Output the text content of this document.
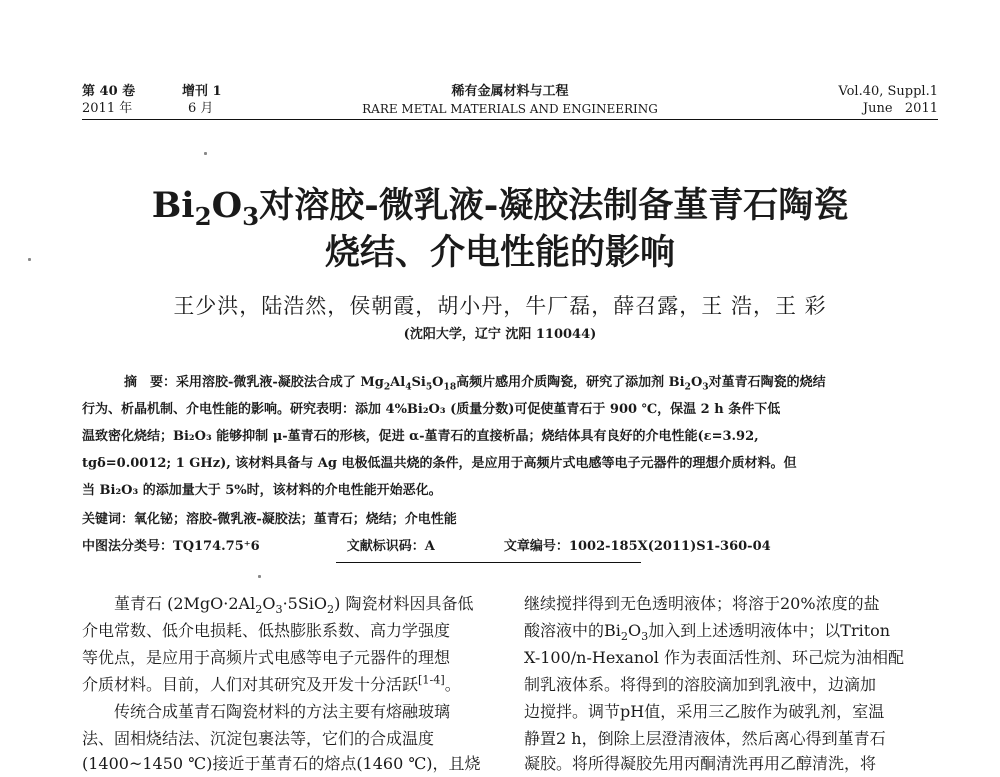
第 40 卷	增刊 1
2011 年	6 月
稀有金属材料与工程
RARE METAL MATERIALS AND ENGINEERING
Vol.40, Suppl.1
June   2011
$Bi_2O_3$对溶胶-微乳液-凝胶法制备堇青石陶瓷
烧结、介电性能的影响
王少洪，陆浩然，侯朝霞，胡小丹，牛厂磊，薛召露，王 浩，王 彩
(沈阳大学，辽宁 沈阳 110044)
摘　要：采用溶胶-微乳液-凝胶法合成了 $Mg_2Al_4Si_5O_{18}$高频片感用介质陶瓷，研究了添加剂 $Bi_2O_3$对堇青石陶瓷的烧结
行为、析晶机制、介电性能的影响。研究表明：添加 4%Bi₂O₃ (质量分数)可促使堇青石于 900 ℃，保温 2 h 条件下低
温致密化烧结；Bi₂O₃ 能够抑制 μ-堇青石的形核，促进 α-堇青石的直接析晶；烧结体具有良好的介电性能(ε=3.92,
tgδ=0.0012; 1 GHz), 该材料具备与 Ag 电极低温共烧的条件，是应用于高频片式电感等电子元器件的理想介质材料。但
当 Bi₂O₃ 的添加量大于 5%时，该材料的介电性能开始恶化。
关键词：氧化铋；溶胶-微乳液-凝胶法；堇青石；烧结；介电性能
中图法分类号：TQ174.75⁺6	文献标识码：A	文章编号：1002-185X(2011)S1-360-04
堇青石 $(2MgO\cdot 2Al_2O_3\cdot 5SiO_2)$ 陶瓷材料因具备低
介电常数、低介电损耗、低热膨胀系数、高力学强度
等优点，是应用于高频片式电感等电子元器件的理想
介质材料。目前，人们对其研究及开发十分活跃[1-4]。
传统合成堇青石陶瓷材料的方法主要有熔融玻璃
法、固相烧结法、沉淀包裹法等，它们的合成温度
(1400~1450 ℃)接近于堇青石的熔点(1460 ℃)，且烧
继续搅拌得到无色透明液体；将溶于20%浓度的盐
酸溶液中的$Bi_2O_3$加入到上述透明液体中；以Triton
X-100/n-Hexanol 作为表面活性剂、环己烷为油相配
制乳液体系。将得到的溶胶滴加到乳液中，边滴加
边搅拌。调节pH值，采用三乙胺作为破乳剂，室温
静置2 h，倒除上层澄清液体，然后离心得到堇青石
凝胶。将所得凝胶先用丙酮清洗再用乙醇清洗，将
